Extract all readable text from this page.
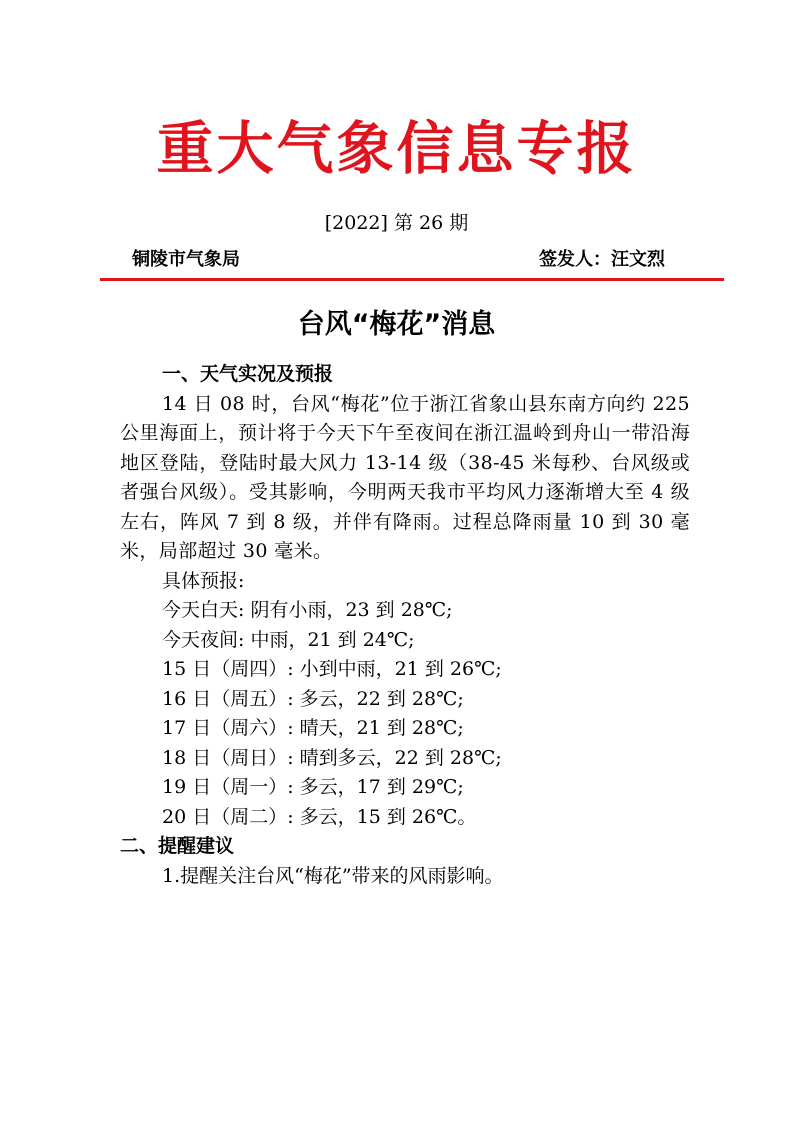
重大气象信息专报
[2022] 第 26 期
铜陵市气象局	签发人：汪文烈
台风“梅花”消息

一、天气实况及预报

14 日 08 时，台风“梅花”位于浙江省象山县东南方向约 225 公里海面上，预计将于今天下午至夜间在浙江温岭到舟山一带沿海地区登陆，登陆时最大风力 13-14 级（38-45 米每秒、台风级或者强台风级）。受其影响，今明两天我市平均风力逐渐增大至 4 级左右，阵风 7 到 8 级，并伴有降雨。过程总降雨量 10 到 30 毫米，局部超过 30 毫米。

具体预报:

今天白天: 阴有小雨，23 到 28℃;

今天夜间: 中雨，21 到 24℃;

15 日（周四）: 小到中雨，21 到 26℃;

16 日（周五）: 多云，22 到 28℃;

17 日（周六）: 晴天，21 到 28℃;

18 日（周日）: 晴到多云，22 到 28℃;

19 日（周一）: 多云，17 到 29℃;

20 日（周二）: 多云，15 到 26℃。

二、提醒建议

1.提醒关注台风“梅花”带来的风雨影响。
